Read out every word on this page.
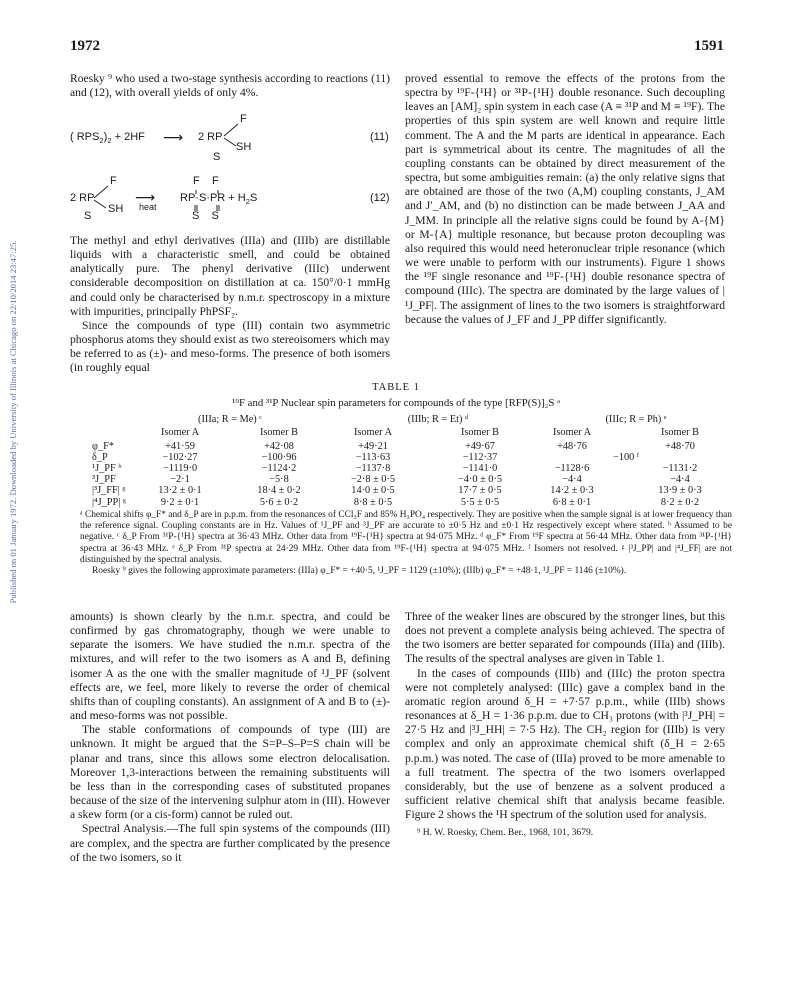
1972	1591
Published on 01 January 1972. Downloaded by University of Illinois at Chicago on 22/10/2014 23:47:25.

Roesky ⁹ who used a two-stage synthesis according to reactions (11) and (12), with overall yields of only 4%.

( $RPS_2)_2 + 2HF$ ⟶ 2 RP
F
SH
S
(11)
2 RP
F
SH
S
⟶
heat
$RP\cdot S\cdot PR + H_2S$
F    F
S    S
(12)

The methyl and ethyl derivatives (IIIa) and (IIIb) are distillable liquids with a characteristic smell, and could be obtained analytically pure. The phenyl derivative (IIIc) underwent considerable decomposition on distillation at ca. 150°/0·1 mmHg and could only be characterised by n.m.r. spectroscopy in a mixture with impurities, principally PhPSF₂.

Since the compounds of type (III) contain two asymmetric phosphorus atoms they should exist as two stereoisomers which may be referred to as (±)- and meso-forms. The presence of both isomers (in roughly equal

proved essential to remove the effects of the protons from the spectra by ¹⁹F-{¹H} or ³¹P-{¹H} double resonance. Such decoupling leaves an [AM]₂ spin system in each case (A ≡ ³¹P and M ≡ ¹⁹F). The properties of this spin system are well known and require little comment. The A and the M parts are identical in appearance. Each part is symmetrical about its centre. The magnitudes of all the coupling constants can be obtained by direct measurement of the spectra, but some ambiguities remain: (a) the only relative signs that are obtained are those of the two (A,M) coupling constants, J_AM and J′_AM, and (b) no distinction can be made between J_AA and J_MM. In principle all the relative signs could be found by A-{M} or M-{A} multiple resonance, but because proton decoupling was also required this would need heteronuclear triple resonance (which we were unable to perform with our instruments). Figure 1 shows the ¹⁹F single resonance and ¹⁹F-{¹H} double resonance spectra of compound (IIIc). The spectra are dominated by the large values of |¹J_PF|. The assignment of lines to the two isomers is straightforward because the values of J_FF and J_PP differ significantly.

TABLE 1
¹⁹F and ³¹P Nuclear spin parameters for compounds of the type [RFP(S)]₂S ᵃ
(IIIa; R = Me) ᶜ	(IIIb; R = Et) ᵈ	(IIIc; R = Ph) ᵉ
Isomer A	Isomer B	Isomer A	Isomer B	Isomer A	Isomer B
φ_F*	+41·59	+42·08	+49·21	+49·67	+48·76	+48·70
δ_P	−102·27	−100·96	−113·63	−112·37	−100 ᶠ
¹J_PF ᵇ	−1119·0	−1124·2	−1137·8	−1141·0	−1128·6	−1131·2
³J_PF	−2·1	−5·8	−2·8 ± 0·5	−4·0 ± 0·5	−4·4	−4·4
|³J_FF| ᵍ	13·2 ± 0·1	18·4 ± 0·2	14·0 ± 0·5	17·7 ± 0·5	14·2 ± 0·3	13·9 ± 0·3
|⁴J_PP| ᵍ	9·2 ± 0·1	5·6 ± 0·2	8·8 ± 0·5	5·5 ± 0·5	6·8 ± 0·1	8·2 ± 0·2

ᵃ Chemical shifts φ_F* and δ_P are in p.p.m. from the resonances of CCl₃F and 85% H₃PO₄ respectively. They are positive when the sample signal is at lower frequency than the reference signal. Coupling constants are in Hz. Values of ¹J_PF and ³J_PF are accurate to ±0·5 Hz and ±0·1 Hz respectively except where stated. ᵇ Assumed to be negative. ᶜ δ_P From ³¹P-{¹H} spectra at 36·43 MHz. Other data from ¹⁹F-{¹H} spectra at 94·075 MHz. ᵈ φ_F* From ¹⁹F spectra at 56·44 MHz. Other data from ³¹P-{¹H} spectra at 36·43 MHz. ᵉ δ_P From ³¹P spectra at 24·29 MHz. Other data from ¹⁹F-{¹H} spectra at 94·075 MHz. ᶠ Isomers not resolved. ᵍ |³J_PP| and |⁴J_FF| are not distinguished by the spectral analysis.

Roesky ⁹ gives the following approximate parameters: (IIIa) φ_F* = +40·5, ¹J_PF = 1129 (±10%); (IIIb) φ_F* = +48·1, ¹J_PF = 1146 (±10%).

amounts) is shown clearly by the n.m.r. spectra, and could be confirmed by gas chromatography, though we were unable to separate the isomers. We have studied the n.m.r. spectra of the mixtures, and will refer to the two isomers as A and B, defining isomer A as the one with the smaller magnitude of ¹J_PF (solvent effects are, we feel, more likely to reverse the order of chemical shifts than of coupling constants). An assignment of A and B to (±)- and meso-forms was not possible.

The stable conformations of compounds of type (III) are unknown. It might be argued that the S=P–S–P=S chain will be planar and trans, since this allows some electron delocalisation. Moreover 1,3-interactions between the remaining substituents will be less than in the corresponding cases of substituted propanes because of the size of the intervening sulphur atom in (III). However a skew form (or a cis-form) cannot be ruled out.

Spectral Analysis.—The full spin systems of the compounds (III) are complex, and the spectra are further complicated by the presence of the two isomers, so it

Three of the weaker lines are obscured by the stronger lines, but this does not prevent a complete analysis being achieved. The spectra of the two isomers are better separated for compounds (IIIa) and (IIIb). The results of the spectral analyses are given in Table 1.

In the cases of compounds (IIIb) and (IIIc) the proton spectra were not completely analysed: (IIIc) gave a complex band in the aromatic region around δ_H = +7·57 p.p.m., while (IIIb) shows resonances at δ_H = 1·36 p.p.m. due to CH₃ protons (with |³J_PH| = 27·5 Hz and |³J_HH| = 7·5 Hz). The CH₂ region for (IIIb) is very complex and only an approximate chemical shift (δ_H = 2·65 p.p.m.) was noted. The case of (IIIa) proved to be more amenable to a full treatment. The spectra of the two isomers overlapped considerably, but the use of benzene as a solvent produced a sufficient relative chemical shift that analysis became feasible. Figure 2 shows the ¹H spectrum of the solution used for analysis.

⁹ H. W. Roesky, Chem. Ber., 1968, 101, 3679.
